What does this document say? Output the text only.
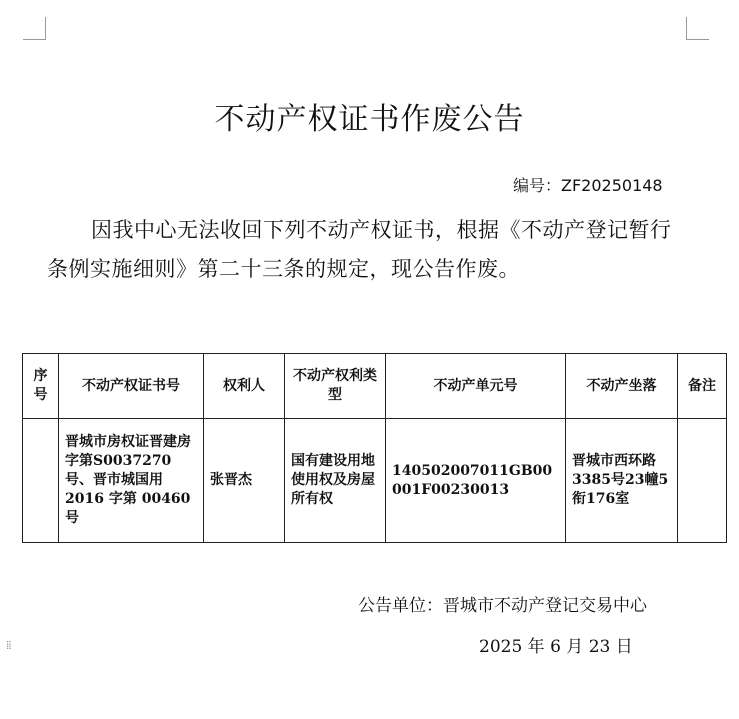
不动产权证书作废公告
编号：ZF20250148

因我中心无法收回下列不动产权证书，根据《不动产登记暂行条例实施细则》第二十三条的规定，现公告作废。

序号	不动产权证书号	权利人	不动产权利类型	不动产单元号	不动产坐落	备注
	晋城市房权证晋建房字第S0037270号、晋市城国用 2016 字第 00460号	张晋杰	国有建设用地使用权及房屋所有权	140502007011GB00001F00230013	晋城市西环路 3385号23幢5衔176室	
公告单位：晋城市不动产登记交易中心
2025 年 6 月 23 日
⁞⁞
